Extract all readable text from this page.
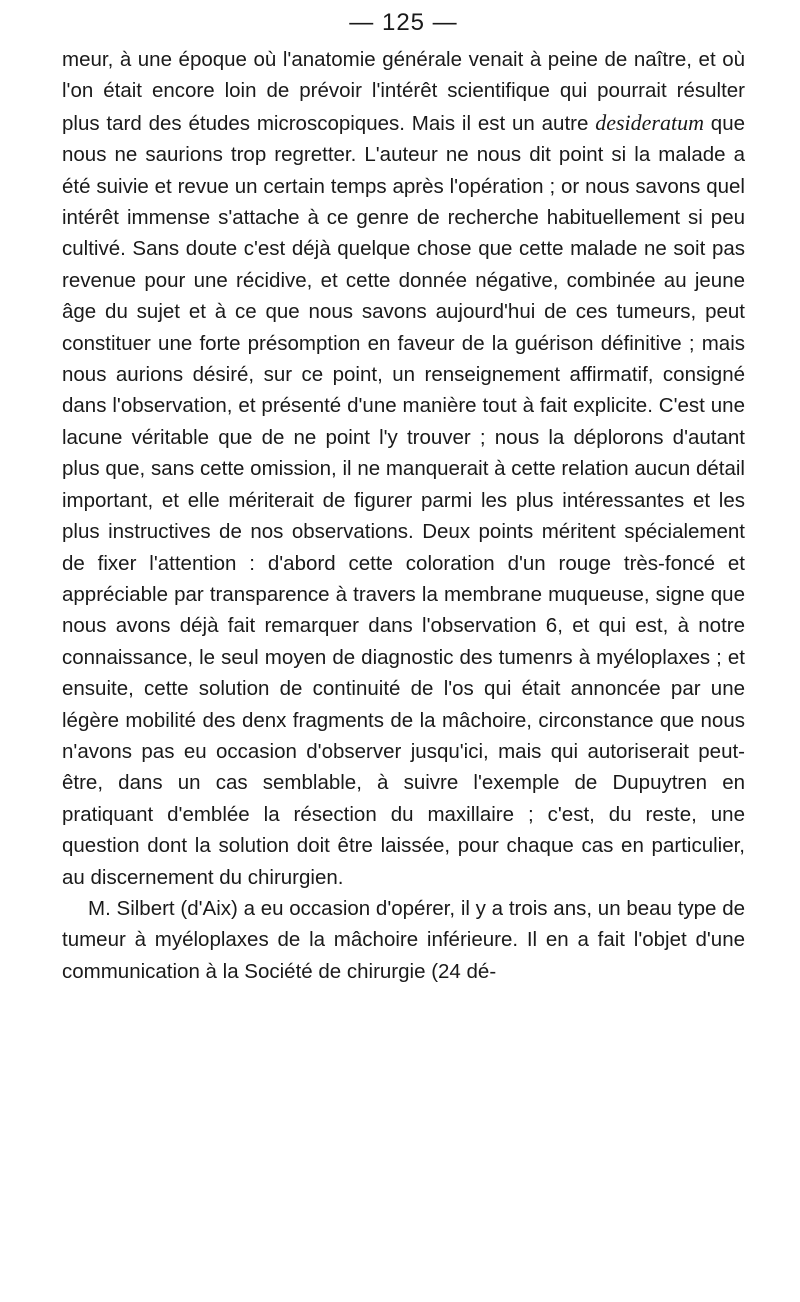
— 125 —

meur, à une époque où l'anatomie générale venait à peine de naître, et où l'on était encore loin de prévoir l'intérêt scientifique qui pourrait résulter plus tard des études microscopiques. Mais il est un autre desideratum que nous ne saurions trop regretter. L'auteur ne nous dit point si la malade a été suivie et revue un certain temps après l'opération ; or nous savons quel intérêt immense s'attache à ce genre de recherche habituellement si peu cultivé. Sans doute c'est déjà quelque chose que cette malade ne soit pas revenue pour une récidive, et cette donnée négative, combinée au jeune âge du sujet et à ce que nous savons aujourd'hui de ces tumeurs, peut constituer une forte présomption en faveur de la guérison définitive ; mais nous aurions désiré, sur ce point, un renseignement affirmatif, consigné dans l'observation, et présenté d'une manière tout à fait explicite. C'est une lacune véritable que de ne point l'y trouver ; nous la déplorons d'autant plus que, sans cette omission, il ne manquerait à cette relation aucun détail important, et elle mériterait de figurer parmi les plus intéressantes et les plus instructives de nos observations. Deux points méritent spécialement de fixer l'attention : d'abord cette coloration d'un rouge très-foncé et appréciable par transparence à travers la membrane muqueuse, signe que nous avons déjà fait remarquer dans l'observation 6, et qui est, à notre connaissance, le seul moyen de diagnostic des tumenrs à myéloplaxes ; et ensuite, cette solution de continuité de l'os qui était annoncée par une légère mobilité des denx fragments de la mâchoire, circonstance que nous n'avons pas eu occasion d'observer jusqu'ici, mais qui autoriserait peut-être, dans un cas semblable, à suivre l'exemple de Dupuytren en pratiquant d'emblée la résection du maxillaire ; c'est, du reste, une question dont la solution doit être laissée, pour chaque cas en particulier, au discernement du chirurgien.

M. Silbert (d'Aix) a eu occasion d'opérer, il y a trois ans, un beau type de tumeur à myéloplaxes de la mâchoire inférieure. Il en a fait l'objet d'une communication à la Société de chirurgie (24 dé-
